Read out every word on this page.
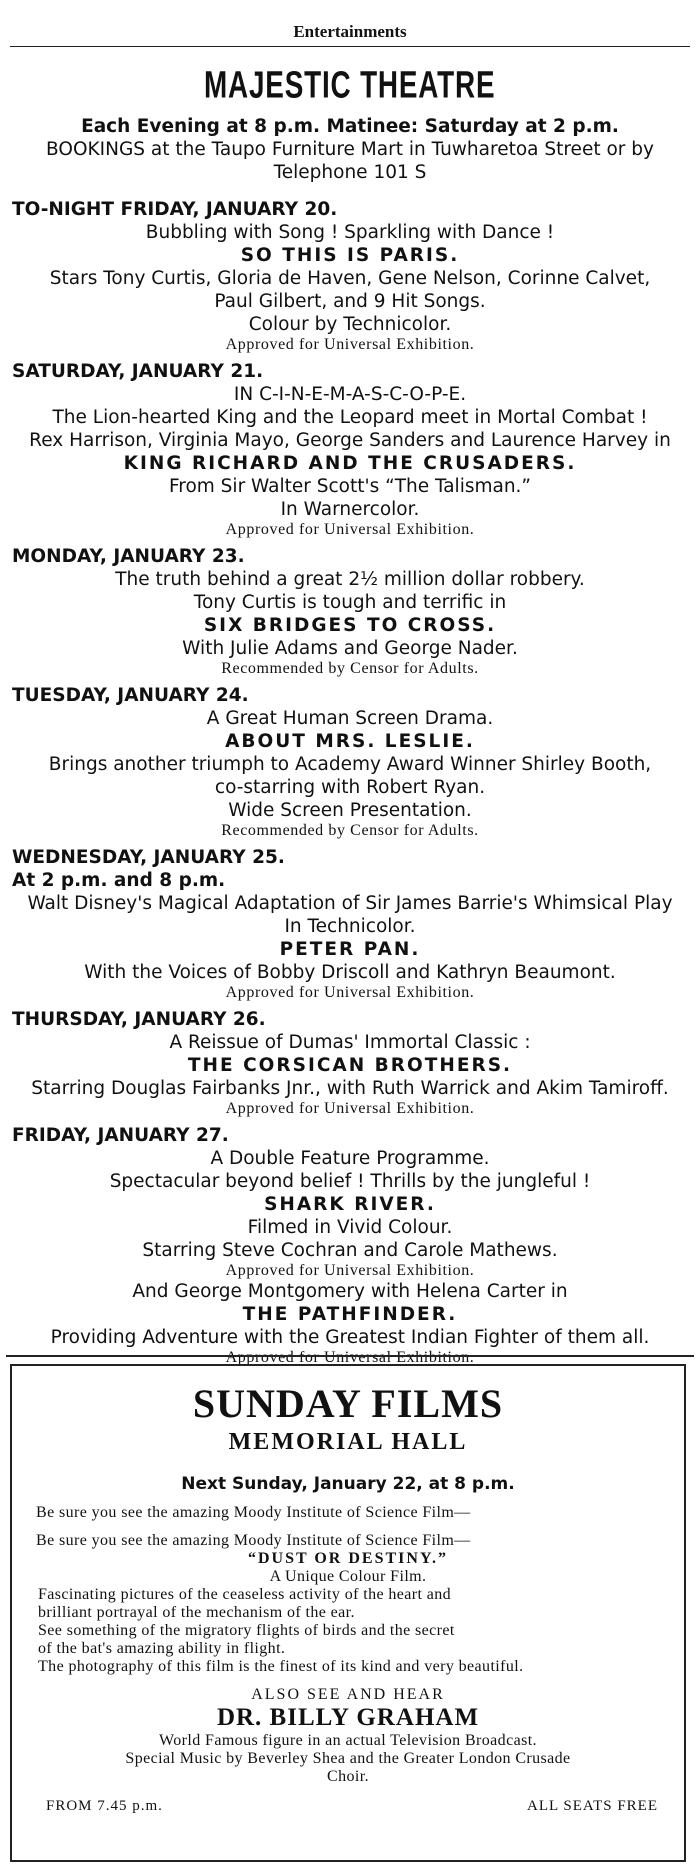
Entertainments
MAJESTIC THEATRE
Each Evening at 8 p.m. Matinee: Saturday at 2 p.m.
BOOKINGS at the Taupo Furniture Mart in Tuwharetoa Street or by
Telephone 101 S
TO-NIGHT FRIDAY, JANUARY 20.
Bubbling with Song ! Sparkling with Dance !
SO THIS IS PARIS.
Stars Tony Curtis, Gloria de Haven, Gene Nelson, Corinne Calvet,
Paul Gilbert, and 9 Hit Songs.
Colour by Technicolor.
Approved for Universal Exhibition.
SATURDAY, JANUARY 21.
IN C-I-N-E-M-A-S-C-O-P-E.
The Lion-hearted King and the Leopard meet in Mortal Combat !
Rex Harrison, Virginia Mayo, George Sanders and Laurence Harvey in
KING RICHARD AND THE CRUSADERS.
From Sir Walter Scott's “The Talisman.”
In Warnercolor.
Approved for Universal Exhibition.
MONDAY, JANUARY 23.
The truth behind a great 2½ million dollar robbery.
Tony Curtis is tough and terrific in
SIX BRIDGES TO CROSS.
With Julie Adams and George Nader.
Recommended by Censor for Adults.
TUESDAY, JANUARY 24.
A Great Human Screen Drama.
ABOUT MRS. LESLIE.
Brings another triumph to Academy Award Winner Shirley Booth,
co-starring with Robert Ryan.
Wide Screen Presentation.
Recommended by Censor for Adults.
WEDNESDAY, JANUARY 25.
At 2 p.m. and 8 p.m.
Walt Disney's Magical Adaptation of Sir James Barrie's Whimsical Play
In Technicolor.
PETER PAN.
With the Voices of Bobby Driscoll and Kathryn Beaumont.
Approved for Universal Exhibition.
THURSDAY, JANUARY 26.
A Reissue of Dumas' Immortal Classic :
THE CORSICAN BROTHERS.
Starring Douglas Fairbanks Jnr., with Ruth Warrick and Akim Tamiroff.
Approved for Universal Exhibition.
FRIDAY, JANUARY 27.
A Double Feature Programme.
Spectacular beyond belief ! Thrills by the jungleful !
SHARK RIVER.
Filmed in Vivid Colour.
Starring Steve Cochran and Carole Mathews.
Approved for Universal Exhibition.
And George Montgomery with Helena Carter in
THE PATHFINDER.
Providing Adventure with the Greatest Indian Fighter of them all.
Approved for Universal Exhibition.
SUNDAY FILMS
MEMORIAL HALL
Next Sunday, January 22, at 8 p.m.
Be sure you see the amazing Moody Institute of Science Film—
Be sure you see the amazing Moody Institute of Science Film—
“DUST OR DESTINY.”
A Unique Colour Film.
Fascinating pictures of the ceaseless activity of the heart and
brilliant portrayal of the mechanism of the ear.
See something of the migratory flights of birds and the secret
of the bat's amazing ability in flight.
The photography of this film is the finest of its kind and very beautiful.
ALSO SEE AND HEAR
DR. BILLY GRAHAM
World Famous figure in an actual Television Broadcast.
Special Music by Beverley Shea and the Greater London Crusade
Choir.
FROM 7.45 p.m.	ALL SEATS FREE
